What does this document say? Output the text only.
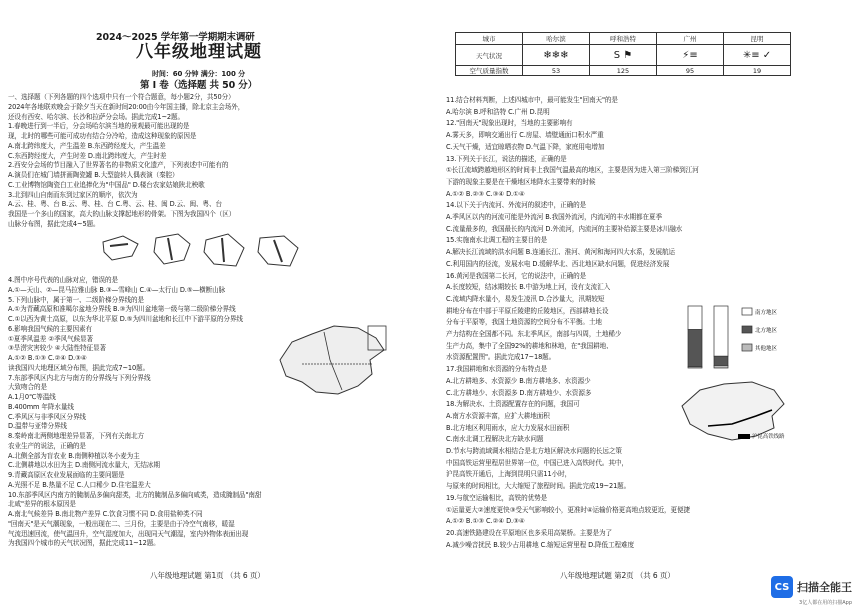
2024～2025 学年第一学期期末调研
八年级地理试题
时间：60 分钟 满分：100 分
第 I 卷（选择题 共 50 分）
一、选择题（下列各题的四个选项中只有一个符合题意，每小题2分，共50分）
2024年各地联欢晚会于除夕当天在新时间20:00由今年国主播，除北京主会场外，
还设有西安、哈尔滨、长沙和拉萨分会场。据此完成1~2题。
1.春晚进行到一半后，分会场哈尔滨当地的景观最可能出现的是
现，北时的哪些可能可成功有结合分冷哈，造成这种现象的原因是
A.南北跨纬度大，产生温差 B.东西跨经度大，产生温差
C.东西跨经度大，产生时差 D.南北跨纬度大，产生时差
2.西安分会场的节目融入了世界著名的非物质文化遗产，下列表述中可能有的
A.演员们在城门墙拼画陶瓷罐 B.大型旋转人偶表演（秦腔）
C.工业博物馆陶瓷白工业追捧化为"中国品" D.楼台农家姑娘陕北秧歌
3.北到四山自南而东到过家区的顺序，依次为
A.云、桂、粤、台 B.云、粤、桂、台 C.粤、云、桂、闽 D.云、闽、粤、台
我国是一个多山的国家，高大的山脉支撑起地形的骨架。下图为我国四个（区）
山脉分布图，据此完成4~5题。
4.图中序号代表的山脉对应，错误的是
A.①—天山、②—昆马拉雅山脉 B.③—雪峰山 C.④—太行山 D.⑤—横断山脉
5.下列山脉中，属于第一、二级阶梯分界线的是
A.①为青藏高原和准噶尔盆地分界线 B.③为四川盆地第一级与第二级阶梯分界线
C.①以西为黄土高原，以东为华北平原 D.⑤为四川盆地和长江中下游平原的分界线
6.影响我国气候的主要因素有
①夏季风温差 ②季风气候显著
③旱涝灾害较少 ④大陆性特征显著
A.①② B.①③ C.②④ D.③④
读我国四大地理区域分布图，据此完成7~10题。
7.东部季风区内北方与南方的分界线与下列分界线
大致吻合的是
A.1月0℃等温线
B.400mm 年降水量线
C.季风区与非季风区分界线
D.温带与亚带分界线
8.秦岭南北两侧地理差异显著，下列有关南北方
农业生产的说法，正确的是
A.北侧全部为盲农业 B.南侧种植以冬小麦为主
C.北侧耕地以水田为主 D.南侧河流水量大，无结冰期
9.青藏高原区农业发展面临的主要问题是
A.光照不足 B.热量不足 C.人口稀少 D.住宅温差大
10.东部季风区内南方的腌制品多偏向甜类，北方的腌制品多偏向咸类，造成腌制品"南甜
北咸"差异的根本原因是
A.南北气候差异 B.南北物产差异 C.饮食习惯不同 D.食用盐种类不同
"回南天"是天气潮现象，一般出现在二、三月份，主要是由于冷空气南移，暖湿
气流迅速回流，使气温回升，空气湿度加大，出现同天气潮湿，室内外物体表面出现
为我国四个城市的天气状况图，据此完成11~12题。
八年级地理试题 第1页 （共 6 页）
城市	哈尔滨	呼和浩特	广州	昆明
天气状况	❄❄❄	S ⚑	⚡≡	✳≡ ✓
空气质量指数	53	125	95	19
11.结合材料判断，上述四城市中，最可能发生"回南天"的是
A.哈尔滨 B.呼和浩特 C.广州 D.昆明
12."回南天"现象出现时，当地的主要影响有
A.雾天多，即响交通出行 C.房屋、墙壁通面口积水严重
C.天气干燥，适宜晾晒衣物 D.气温下降，家庭用电增加
13.下列关于长江，说法的描述，正确的是
①长江流域跨越地形区的时间非上我国气温最高的地区，主要是因为进入第三阶梯到江河
下游的现象主要是在干燥地区地降水主要带来的时候
A.①② B.②③ C.③④ D.①④
14.以下关于内流河、外流河的叙述中，正确的是
A.季风区以内的河流可能是外流河 B.我国外流河，内流河的丰水期都在夏季
C.流量最多的，我国最长的内流河 D.外流河，内流河的主要补给源主要是冰川融水
15.实施南水北调工程的主要目的是
A.解决长江流域的洪水问题 B.连通长江、淮河、黄河和海河四大水系，发展航运
C.利用国内的径流，发展水电 D.缓解华北、西北地区缺水问题，促进经济发展
16.黄河是我国第二长河，它的说法中，正确的是
A.长度较短，结冰期较长 B.中游为地上河，没有支流汇入
C.流域内降水量小，易发生凌汛 D.合沙量大，汛期较短
耕地分布在中部于平原丘陵建的丘陵地区，西部耕地长设
分布于平原等，我国土地资源的空间分布不平衡。土地
产力结构在全国都不同。东北季风区，南部与四周，土地稀少
生产力高，集中了全国92%的耕地和林地，在"我国耕地、
水资源配置图"。据此完成17~18题。
17.我国耕地和水资源的分布特点是
A.北方耕地多、水资源少 B.南方耕地多、水资源少
C.北方耕地少、水资源多 D.南方耕地少、水资源多
18.为解决水、土资源配置存在的问题，我国可
A.南方水资源丰富，应扩大耕地面积
B.北方地区利用雨水，应大力发展水田面积
C.南水北调工程解决北方缺水问题
D.节水与跨流域调水相结合是北方地区解决水问题的长远之策
中国高铁运营里程居世界第一位，中国已进入高铁时代。其中，
沪昆高铁开通后，上海到昆明只需11小时，
与原来的时间相比，大大缩短了旅程时间。据此完成19~21题。
19.与航空运输相比，高铁的优势是
①运量更大②速度更快③受天气影响较小，更准时④运输价格更高地点较更近，更便捷
A.①② B.①③ C.②④ D.③④
20.高速铁路建设在平原地区也多采用高架桥。主要是为了
A.减少噪音扰民 B.较少占用耕地 C.缩短运营里程 D.降低工程难度
南方地区
北方地区
其他地区
沪昆高铁线路
八年级地理试题 第2页 （共 6 页）
CS 扫描全能王
3亿人都在用的扫描App
